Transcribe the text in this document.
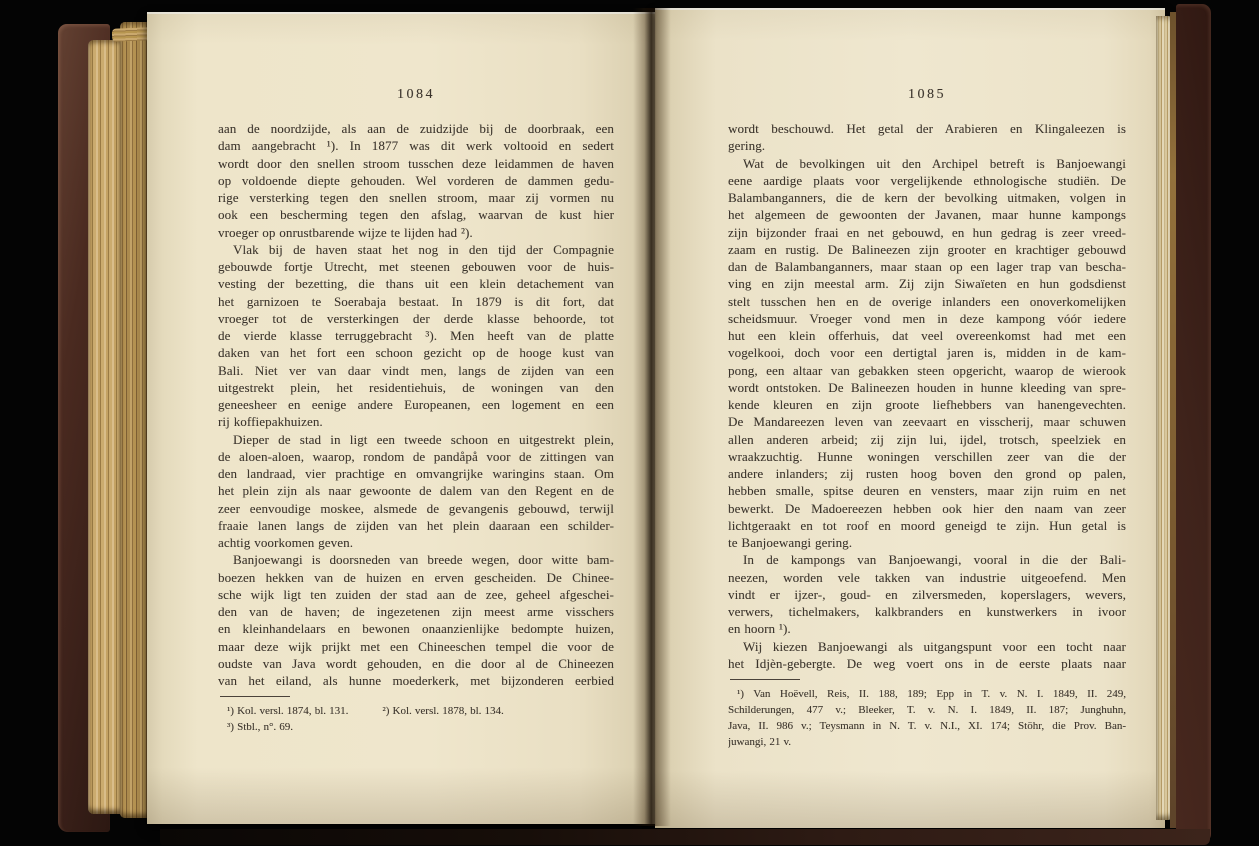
1084
aan de noordzijde, als aan de zuidzijde bij de doorbraak, een
dam aangebracht ¹). In 1877 was dit werk voltooid en sedert
wordt door den snellen stroom tusschen deze leidammen de haven
op voldoende diepte gehouden. Wel vorderen de dammen gedu-
rige versterking tegen den snellen stroom, maar zij vormen nu
ook een bescherming tegen den afslag, waarvan de kust hier
vroeger op onrustbarende wijze te lijden had ²).
Vlak bij de haven staat het nog in den tijd der Compagnie
gebouwde fortje Utrecht, met steenen gebouwen voor de huis-
vesting der bezetting, die thans uit een klein detachement van
het garnizoen te Soerabaja bestaat. In 1879 is dit fort, dat
vroeger tot de versterkingen der derde klasse behoorde, tot
de vierde klasse terruggebracht ³). Men heeft van de platte
daken van het fort een schoon gezicht op de hooge kust van
Bali. Niet ver van daar vindt men, langs de zijden van een
uitgestrekt plein, het residentiehuis, de woningen van den
geneesheer en eenige andere Europeanen, een logement en een
rij koffiepakhuizen.
Dieper de stad in ligt een tweede schoon en uitgestrekt plein,
de aloen-aloen, waarop, rondom de pandåpå voor de zittingen van
den landraad, vier prachtige en omvangrijke waringins staan. Om
het plein zijn als naar gewoonte de dalem van den Regent en de
zeer eenvoudige moskee, alsmede de gevangenis gebouwd, terwijl
fraaie lanen langs de zijden van het plein daaraan een schilder-
achtig voorkomen geven.
Banjoewangi is doorsneden van breede wegen, door witte bam-
boezen hekken van de huizen en erven gescheiden. De Chinee-
sche wijk ligt ten zuiden der stad aan de zee, geheel afgeschei-
den van de haven; de ingezetenen zijn meest arme visschers
en kleinhandelaars en bewonen onaanzienlijke bedompte huizen,
maar deze wijk prijkt met een Chineeschen tempel die voor de
oudste van Java wordt gehouden, en die door al de Chineezen
van het eiland, als hunne moederkerk, met bijzonderen eerbied
¹) Kol. versl. 1874, bl. 131.	²) Kol. versl. 1878, bl. 134.
³) Stbl., n°. 69.
1085
wordt beschouwd. Het getal der Arabieren en Klingaleezen is
gering.
Wat de bevolkingen uit den Archipel betreft is Banjoewangi
eene aardige plaats voor vergelijkende ethnologische studiën. De
Balambanganners, die de kern der bevolking uitmaken, volgen in
het algemeen de gewoonten der Javanen, maar hunne kampongs
zijn bijzonder fraai en net gebouwd, en hun gedrag is zeer vreed-
zaam en rustig. De Balineezen zijn grooter en krachtiger gebouwd
dan de Balambanganners, maar staan op een lager trap van bescha-
ving en zijn meestal arm. Zij zijn Siwaïeten en hun godsdienst
stelt tusschen hen en de overige inlanders een onoverkomelijken
scheidsmuur. Vroeger vond men in deze kampong vóór iedere
hut een klein offerhuis, dat veel overeenkomst had met een
vogelkooi, doch voor een dertigtal jaren is, midden in de kam-
pong, een altaar van gebakken steen opgericht, waarop de wierook
wordt ontstoken. De Balineezen houden in hunne kleeding van spre-
kende kleuren en zijn groote liefhebbers van hanengevechten.
De Mandareezen leven van zeevaart en visscherij, maar schuwen
allen anderen arbeid; zij zijn lui, ijdel, trotsch, speelziek en
wraakzuchtig. Hunne woningen verschillen zeer van die der
andere inlanders; zij rusten hoog boven den grond op palen,
hebben smalle, spitse deuren en vensters, maar zijn ruim en net
bewerkt. De Madoereezen hebben ook hier den naam van zeer
lichtgeraakt en tot roof en moord geneigd te zijn. Hun getal is
te Banjoewangi gering.
In de kampongs van Banjoewangi, vooral in die der Bali-
neezen, worden vele takken van industrie uitgeoefend. Men
vindt er ijzer-, goud- en zilversmeden, koperslagers, wevers,
verwers, tichelmakers, kalkbranders en kunstwerkers in ivoor
en hoorn ¹).
Wij kiezen Banjoewangi als uitgangspunt voor een tocht naar
het Idjèn-gebergte. De weg voert ons in de eerste plaats naar
¹) Van Hoëvell, Reis, II. 188, 189; Epp in T. v. N. I. 1849, II. 249,
Schilderungen, 477 v.; Bleeker, T. v. N. I. 1849, II. 187; Junghuhn,
Java, II. 986 v.; Teysmann in N. T. v. N.I., XI. 174; Stöhr, die Prov. Ban-
juwangi, 21 v.
